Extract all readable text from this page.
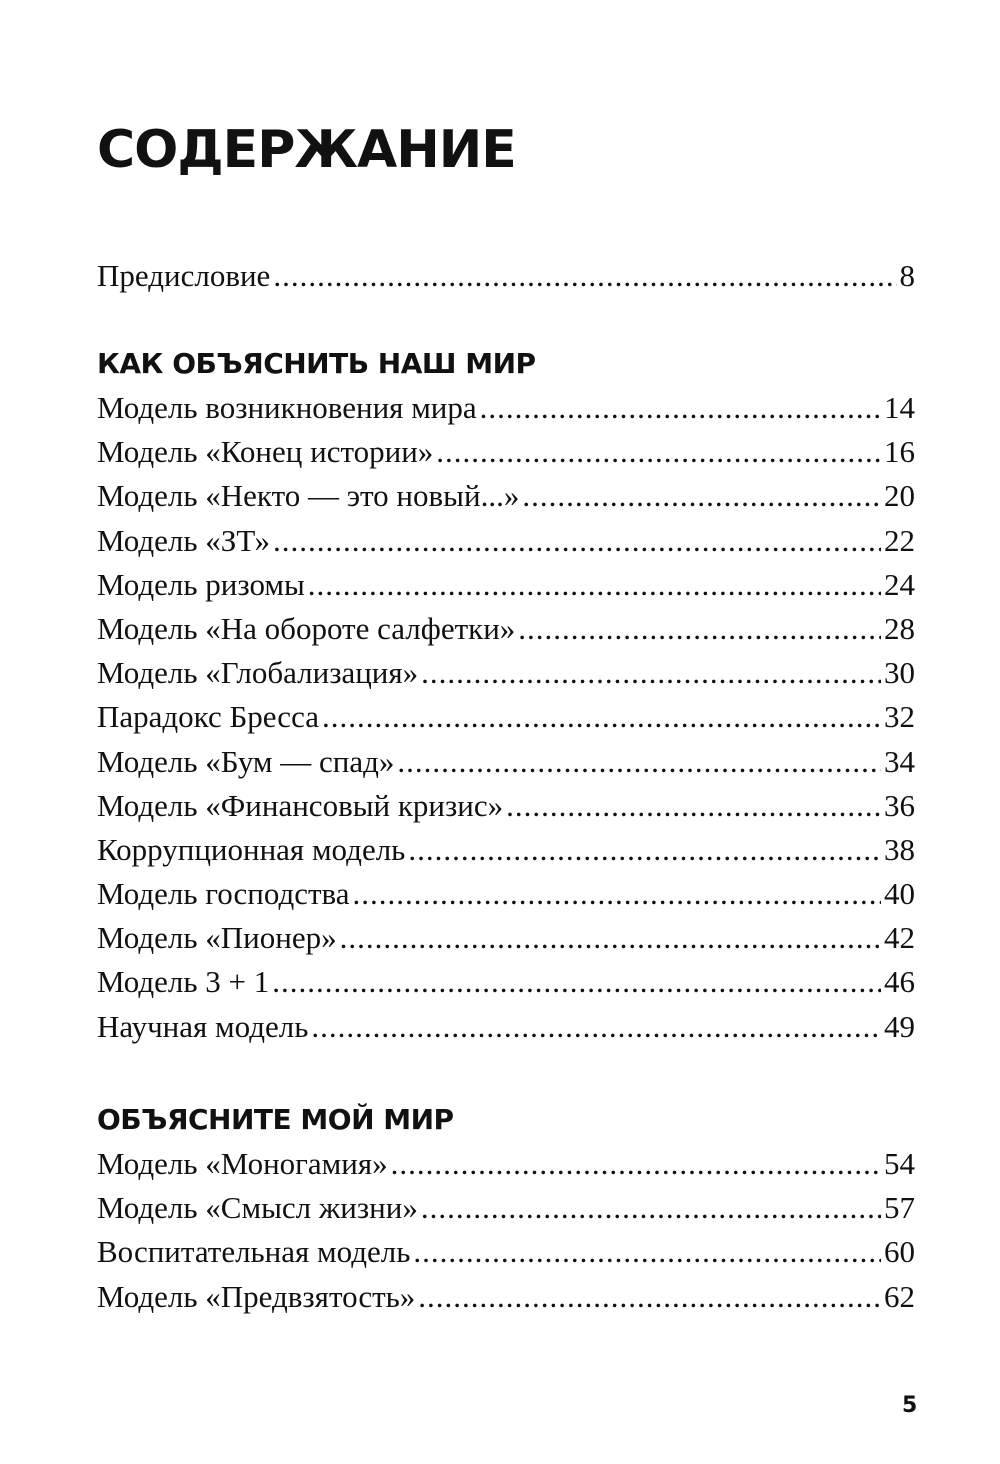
СОДЕРЖАНИЕ
Предисловие .....	8
КАК ОБЪЯСНИТЬ НАШ МИР
Модель возникновения мира .....	14
Модель «Конец истории» .....	16
Модель «Некто — это новый...» .....	20
Модель «ЗТ» .....	22
Модель ризомы .....	24
Модель «На обороте салфетки» .....	28
Модель «Глобализация» .....	30
Парадокс Бресса .....	32
Модель «Бум — спад» .....	34
Модель «Финансовый кризис» .....	36
Коррупционная модель .....	38
Модель господства .....	40
Модель «Пионер» .....	42
Модель 3 + 1 .....	46
Научная модель .....	49
ОБЪЯСНИТЕ МОЙ МИР
Модель «Моногамия» .....	54
Модель «Смысл жизни» .....	57
Воспитательная модель .....	60
Модель «Предвзятость» .....	62
5
